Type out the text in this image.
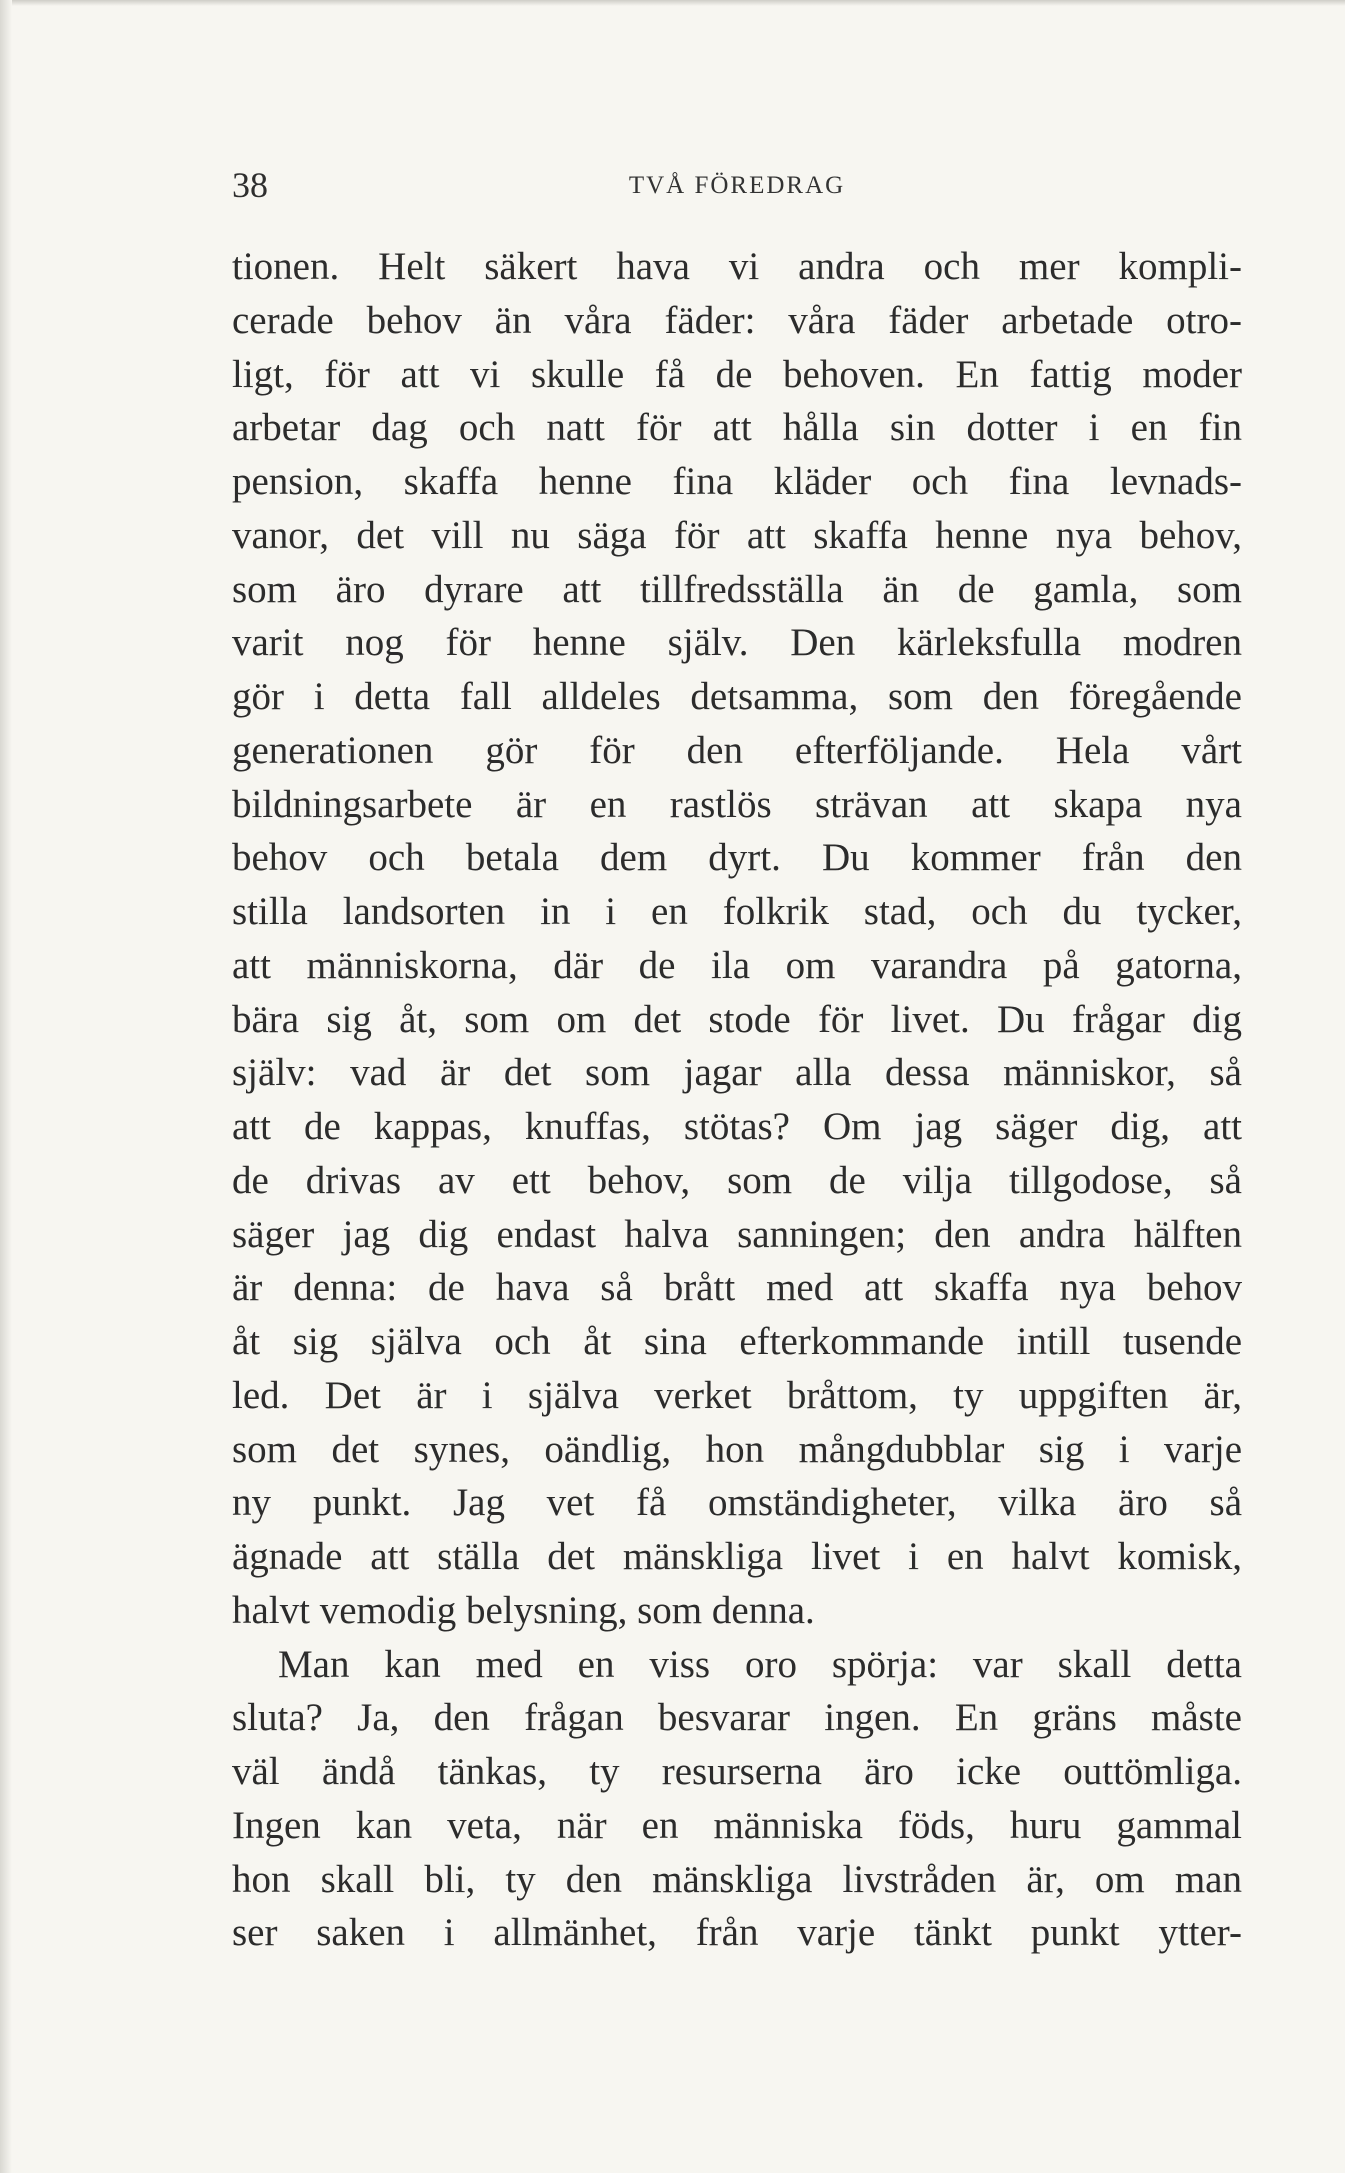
38	TVÅ FÖREDRAG
tionen. Helt säkert hava vi andra och mer kompli-
cerade behov än våra fäder: våra fäder arbetade otro-
ligt, för att vi skulle få de behoven. En fattig moder
arbetar dag och natt för att hålla sin dotter i en fin
pension, skaffa henne fina kläder och fina levnads-
vanor, det vill nu säga för att skaffa henne nya behov,
som äro dyrare att tillfredsställa än de gamla, som
varit nog för henne själv. Den kärleksfulla modren
gör i detta fall alldeles detsamma, som den föregående
generationen gör för den efterföljande. Hela vårt
bildningsarbete är en rastlös strävan att skapa nya
behov och betala dem dyrt. Du kommer från den
stilla landsorten in i en folkrik stad, och du tycker,
att människorna, där de ila om varandra på gatorna,
bära sig åt, som om det stode för livet. Du frågar dig
själv: vad är det som jagar alla dessa människor, så
att de kappas, knuffas, stötas? Om jag säger dig, att
de drivas av ett behov, som de vilja tillgodose, så
säger jag dig endast halva sanningen; den andra hälften
är denna: de hava så brått med att skaffa nya behov
åt sig själva och åt sina efterkommande intill tusende
led. Det är i själva verket bråttom, ty uppgiften är,
som det synes, oändlig, hon mångdubblar sig i varje
ny punkt. Jag vet få omständigheter, vilka äro så
ägnade att ställa det mänskliga livet i en halvt komisk,
halvt vemodig belysning, som denna.
Man kan med en viss oro spörja: var skall detta
sluta? Ja, den frågan besvarar ingen. En gräns måste
väl ändå tänkas, ty resurserna äro icke outtömliga.
Ingen kan veta, när en människa föds, huru gammal
hon skall bli, ty den mänskliga livstråden är, om man
ser saken i allmänhet, från varje tänkt punkt ytter-
